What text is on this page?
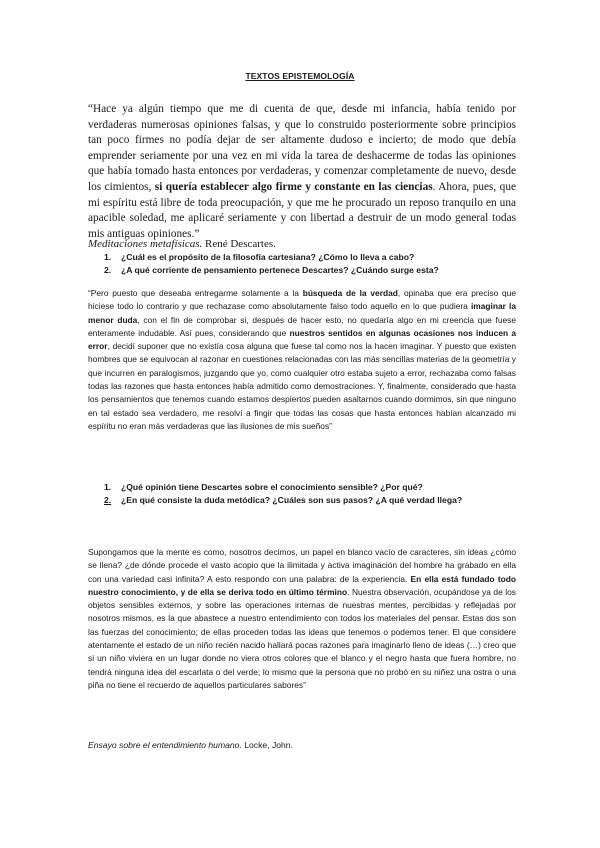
TEXTOS EPISTEMOLOGÍA
“Hace ya algún tiempo que me di cuenta de que, desde mi infancia, había tenido por verdaderas numerosas opiniones falsas, y que lo construido posteriormente sobre principios tan poco firmes no podía dejar de ser altamente dudoso e incierto; de modo que debía emprender seriamente por una vez en mi vida la tarea de deshacerme de todas las opiniones que había tomado hasta entonces por verdaderas, y comenzar completamente de nuevo, desde los cimientos, si quería establecer algo firme y constante en las ciencias. Ahora, pues, que mi espíritu está libre de toda preocupación, y que me he procurado un reposo tranquilo en una apacible soledad, me aplicaré seriamente y con libertad a destruir de un modo general todas mis antiguas opiniones.”
Meditaciones metafísicas. René Descartes.
1. ¿Cuál es el propósito de la filosofía cartesiana? ¿Cómo lo lleva a cabo?
2. ¿A qué corriente de pensamiento pertenece Descartes? ¿Cuándo surge esta?
“Pero puesto que deseaba entregarme solamente a la búsqueda de la verdad, opinaba que era preciso que hiciese todo lo contrario y que rechazase como absolutamente falso todo aquello en lo que pudiera imaginar la menor duda, con el fin de comprobar si, después de hacer esto, no quedaría algo en mi creencia que fuese enteramente indudable. Así pues, considerando que nuestros sentidos en algunas ocasiones nos inducen a error, decidí suponer que no existía cosa alguna que fuese tal como nos la hacen imaginar. Y puesto que existen hombres que se equivocan al razonar en cuestiones relacionadas con las más sencillas materias de la geometría y que incurren en paralogismos, juzgando que yo, como cualquier otro estaba sujeto a error, rechazaba como falsas todas las razones que hasta entonces había admitido como demostraciones. Y, finalmente, considerado que hasta los pensamientos que tenemos cuando estamos despiertos pueden asaltarnos cuando dormimos, sin que ninguno en tal estado sea verdadero, me resolví a fingir que todas las cosas que hasta entonces habían alcanzado mi espíritu no eran más verdaderas que las ilusiones de mis sueños”
1. ¿Qué opinión tiene Descartes sobre el conocimiento sensible? ¿Por qué?
2. ¿En qué consiste la duda metódica? ¿Cuáles son sus pasos? ¿A qué verdad llega?
Supongamos que la mente es como, nosotros decimos, un papel en blanco vacío de caracteres, sin ideas ¿cómo se llena? ¿de dónde procede el vasto acopio que la ilimitada y activa imaginación del hombre ha grabado en ella con una variedad casi infinita? A esto respondo con una palabra: de la experiencia. En ella está fundado todo nuestro conocimiento, y de ella se deriva todo en último término. Nuestra observación, ocupándose ya de los objetos sensibles externos, y sobre las operaciones internas de nuestras mentes, percibidas y reflejadas por nosotros mismos, es la que abastece a nuestro entendimiento con todos los materiales del pensar. Estas dos son las fuerzas del conocimiento; de ellas proceden todas las ideas que tenemos o podemos tener. El que considere atentamente el estado de un niño recién nacido hallará pocas razones para imaginarlo lleno de ideas (…) creo que si un niño viviera en un lugar donde no viera otros colores que el blanco y el negro hasta que fuera hombre, no tendrá ninguna idea del escarlata o del verde; lo mismo que la persona que no probó en su niñez una ostra o una piña no tiene el recuerdo de aquellos particulares sabores”
Ensayo sobre el entendimiento humano. Locke, John.
